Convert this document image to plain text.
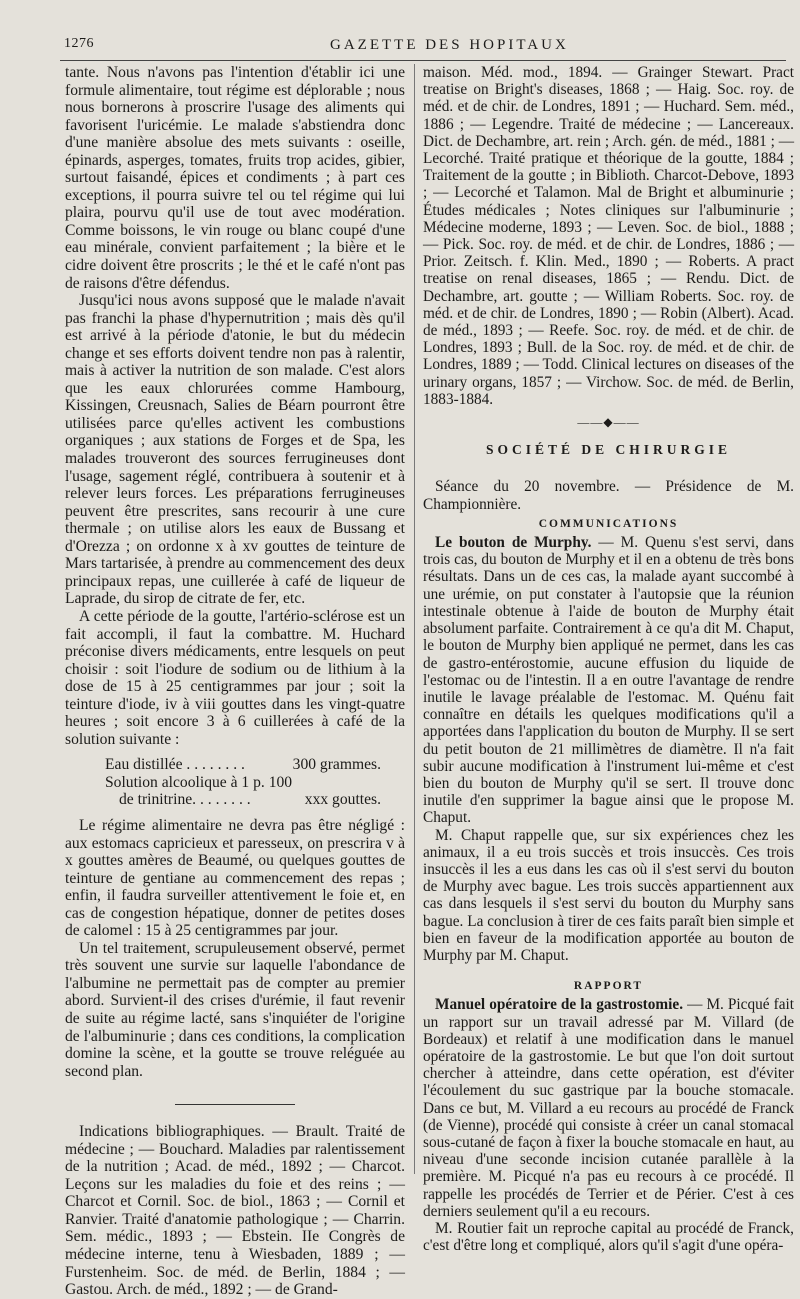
1276	GAZETTE DES HOPITAUX

tante. Nous n'avons pas l'intention d'établir ici une formule alimentaire, tout régime est déplorable ; nous nous bornerons à proscrire l'usage des aliments qui favorisent l'uricémie. Le malade s'abstiendra donc d'une manière absolue des mets suivants : oseille, épinards, asperges, tomates, fruits trop acides, gibier, surtout faisandé, épices et condiments ; à part ces exceptions, il pourra suivre tel ou tel régime qui lui plaira, pourvu qu'il use de tout avec modération. Comme boissons, le vin rouge ou blanc coupé d'une eau minérale, convient parfaitement ; la bière et le cidre doivent être proscrits ; le thé et le café n'ont pas de raisons d'être défendus.

Jusqu'ici nous avons supposé que le malade n'avait pas franchi la phase d'hypernutrition ; mais dès qu'il est arrivé à la période d'atonie, le but du médecin change et ses efforts doivent tendre non pas à ralentir, mais à activer la nutrition de son malade. C'est alors que les eaux chlorurées comme Hambourg, Kissingen, Creusnach, Salies de Béarn pourront être utilisées parce qu'elles activent les combustions organiques ; aux stations de Forges et de Spa, les malades trouveront des sources ferrugineuses dont l'usage, sagement réglé, contribuera à soutenir et à relever leurs forces. Les préparations ferrugineuses peuvent être prescrites, sans recourir à une cure thermale ; on utilise alors les eaux de Bussang et d'Orezza ; on ordonne x à xv gouttes de teinture de Mars tartarisée, à prendre au commencement des deux principaux repas, une cuillerée à café de liqueur de Laprade, du sirop de citrate de fer, etc.

A cette période de la goutte, l'artério-sclérose est un fait accompli, il faut la combattre. M. Huchard préconise divers médicaments, entre lesquels on peut choisir : soit l'iodure de sodium ou de lithium à la dose de 15 à 25 centigrammes par jour ; soit la teinture d'iode, iv à viii gouttes dans les vingt-quatre heures ; soit encore 3 à 6 cuillerées à café de la solution suivante :

Eau distillée . . . . . . . .	300 grammes.
Solution alcoolique à 1 p. 100
de trinitrine. . . . . . . .	xxx gouttes.

Le régime alimentaire ne devra pas être négligé : aux estomacs capricieux et paresseux, on prescrira v à x gouttes amères de Beaumé, ou quelques gouttes de teinture de gentiane au commencement des repas ; enfin, il faudra surveiller attentivement le foie et, en cas de congestion hépatique, donner de petites doses de calomel : 15 à 25 centigrammes par jour.

Un tel traitement, scrupuleusement observé, permet très souvent une survie sur laquelle l'abondance de l'albumine ne permettait pas de compter au premier abord. Survient-il des crises d'urémie, il faut revenir de suite au régime lacté, sans s'inquiéter de l'origine de l'albuminurie ; dans ces conditions, la complication domine la scène, et la goutte se trouve reléguée au second plan.

Indications bibliographiques. — Brault. Traité de médecine ; — Bouchard. Maladies par ralentissement de la nutrition ; Acad. de méd., 1892 ; — Charcot. Leçons sur les maladies du foie et des reins ; — Charcot et Cornil. Soc. de biol., 1863 ; — Cornil et Ranvier. Traité d'anatomie pathologique ; — Charrin. Sem. médic., 1893 ; — Ebstein. IIe Congrès de médecine interne, tenu à Wiesbaden, 1889 ; — Furstenheim. Soc. de méd. de Berlin, 1884 ; — Gastou. Arch. de méd., 1892 ; — de Grand-

maison. Méd. mod., 1894. — Grainger Stewart. Pract treatise on Bright's diseases, 1868 ; — Haig. Soc. roy. de méd. et de chir. de Londres, 1891 ; — Huchard. Sem. méd., 1886 ; — Legendre. Traité de médecine ; — Lancereaux. Dict. de Dechambre, art. rein ; Arch. gén. de méd., 1881 ; — Lecorché. Traité pratique et théorique de la goutte, 1884 ; Traitement de la goutte ; in Biblioth. Charcot-Debove, 1893 ; — Lecorché et Talamon. Mal de Bright et albuminurie ; Études médicales ; Notes cliniques sur l'albuminurie ; Médecine moderne, 1893 ; — Leven. Soc. de biol., 1888 ; — Pick. Soc. roy. de méd. et de chir. de Londres, 1886 ; — Prior. Zeitsch. f. Klin. Med., 1890 ; — Roberts. A pract treatise on renal diseases, 1865 ; — Rendu. Dict. de Dechambre, art. goutte ; — William Roberts. Soc. roy. de méd. et de chir. de Londres, 1890 ; — Robin (Albert). Acad. de méd., 1893 ; — Reefe. Soc. roy. de méd. et de chir. de Londres, 1893 ; Bull. de la Soc. roy. de méd. et de chir. de Londres, 1889 ; — Todd. Clinical lectures on diseases of the urinary organs, 1857 ; — Virchow. Soc. de méd. de Berlin, 1883-1884.

——◆——
SOCIÉTÉ DE CHIRURGIE

Séance du 20 novembre. — Présidence de M. Championnière.

COMMUNICATIONS

Le bouton de Murphy. — M. Quenu s'est servi, dans trois cas, du bouton de Murphy et il en a obtenu de très bons résultats. Dans un de ces cas, la malade ayant succombé à une urémie, on put constater à l'autopsie que la réunion intestinale obtenue à l'aide de bouton de Murphy était absolument parfaite. Contrairement à ce qu'a dit M. Chaput, le bouton de Murphy bien appliqué ne permet, dans les cas de gastro-entérostomie, aucune effusion du liquide de l'estomac ou de l'intestin. Il a en outre l'avantage de rendre inutile le lavage préalable de l'estomac. M. Quénu fait connaître en détails les quelques modifications qu'il a apportées dans l'application du bouton de Murphy. Il se sert du petit bouton de 21 millimètres de diamètre. Il n'a fait subir aucune modification à l'instrument lui-même et c'est bien du bouton de Murphy qu'il se sert. Il trouve donc inutile d'en supprimer la bague ainsi que le propose M. Chaput.

M. Chaput rappelle que, sur six expériences chez les animaux, il a eu trois succès et trois insuccès. Ces trois insuccès il les a eus dans les cas où il s'est servi du bouton de Murphy avec bague. Les trois succès appartiennent aux cas dans lesquels il s'est servi du bouton du Murphy sans bague. La conclusion à tirer de ces faits paraît bien simple et bien en faveur de la modification apportée au bouton de Murphy par M. Chaput.

RAPPORT

Manuel opératoire de la gastrostomie. — M. Picqué fait un rapport sur un travail adressé par M. Villard (de Bordeaux) et relatif à une modification dans le manuel opératoire de la gastrostomie. Le but que l'on doit surtout chercher à atteindre, dans cette opération, est d'éviter l'écoulement du suc gastrique par la bouche stomacale. Dans ce but, M. Villard a eu recours au procédé de Franck (de Vienne), procédé qui consiste à créer un canal stomacal sous-cutané de façon à fixer la bouche stomacale en haut, au niveau d'une seconde incision cutanée parallèle à la première. M. Picqué n'a pas eu recours à ce procédé. Il rappelle les procédés de Terrier et de Périer. C'est à ces derniers seulement qu'il a eu recours.

M. Routier fait un reproche capital au procédé de Franck, c'est d'être long et compliqué, alors qu'il s'agit d'une opéra-
